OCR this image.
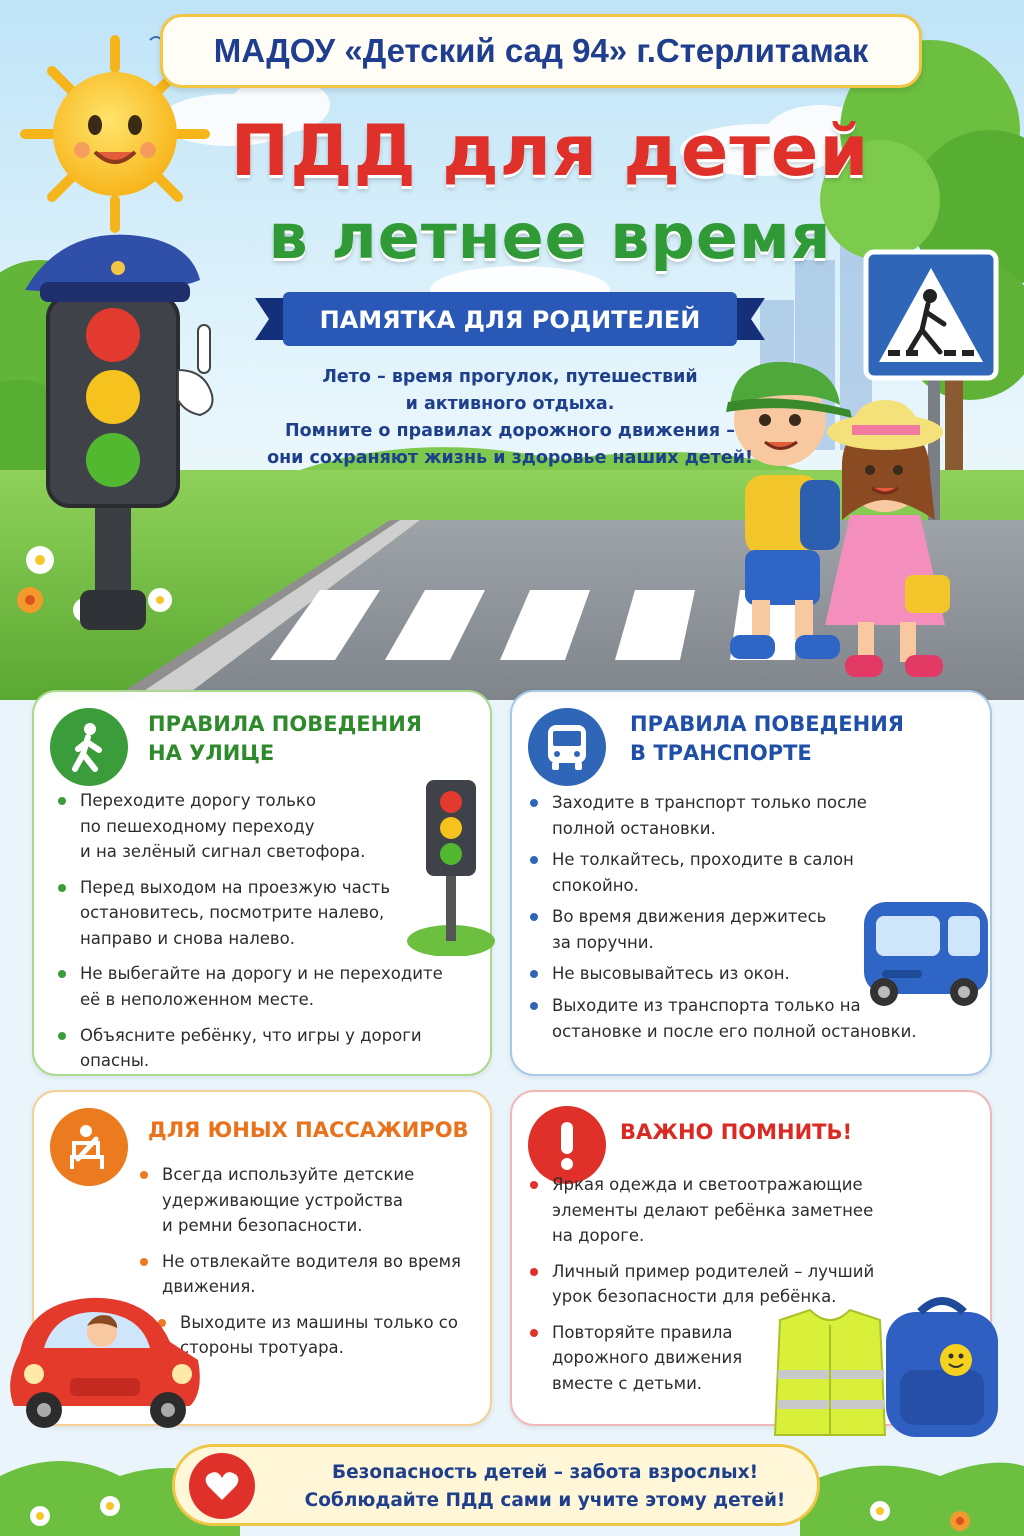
МАДОУ «Детский сад 94» г.Стерлитамак
ПДД для детей
в летнее время
ПАМЯТКА ДЛЯ РОДИТЕЛЕЙ
Лето – время прогулок, путешествий
и активного отдыха.
Помните о правилах дорожного движения –
они сохраняют жизнь и здоровье наших детей!
ПРАВИЛА ПОВЕДЕНИЯ
НА УЛИЦЕ
Переходите дорогу только
по пешеходному переходу
и на зелёный сигнал светофора.
Перед выходом на проезжую часть
остановитесь, посмотрите налево,
направо и снова налево.
Не выбегайте на дорогу и не переходите
её в неположенном месте.
Объясните ребёнку, что игры у дороги
опасны.
ПРАВИЛА ПОВЕДЕНИЯ
В ТРАНСПОРТЕ
Заходите в транспорт только после
полной остановки.
Не толкайтесь, проходите в салон
спокойно.
Во время движения держитесь
за поручни.
Не высовывайтесь из окон.
Выходите из транспорта только на
остановке и после его полной остановки.
ДЛЯ ЮНЫХ ПАССАЖИРОВ
Всегда используйте детские
удерживающие устройства
и ремни безопасности.
Не отвлекайте водителя во время
движения.
Выходите из машины только со
стороны тротуара.
ВАЖНО ПОМНИТЬ!
Яркая одежда и светоотражающие
элементы делают ребёнка заметнее
на дороге.
Личный пример родителей – лучший
урок безопасности для ребёнка.
Повторяйте правила
дорожного движения
вместе с детьми.
Безопасность детей – забота взрослых!
Соблюдайте ПДД сами и учите этому детей!
